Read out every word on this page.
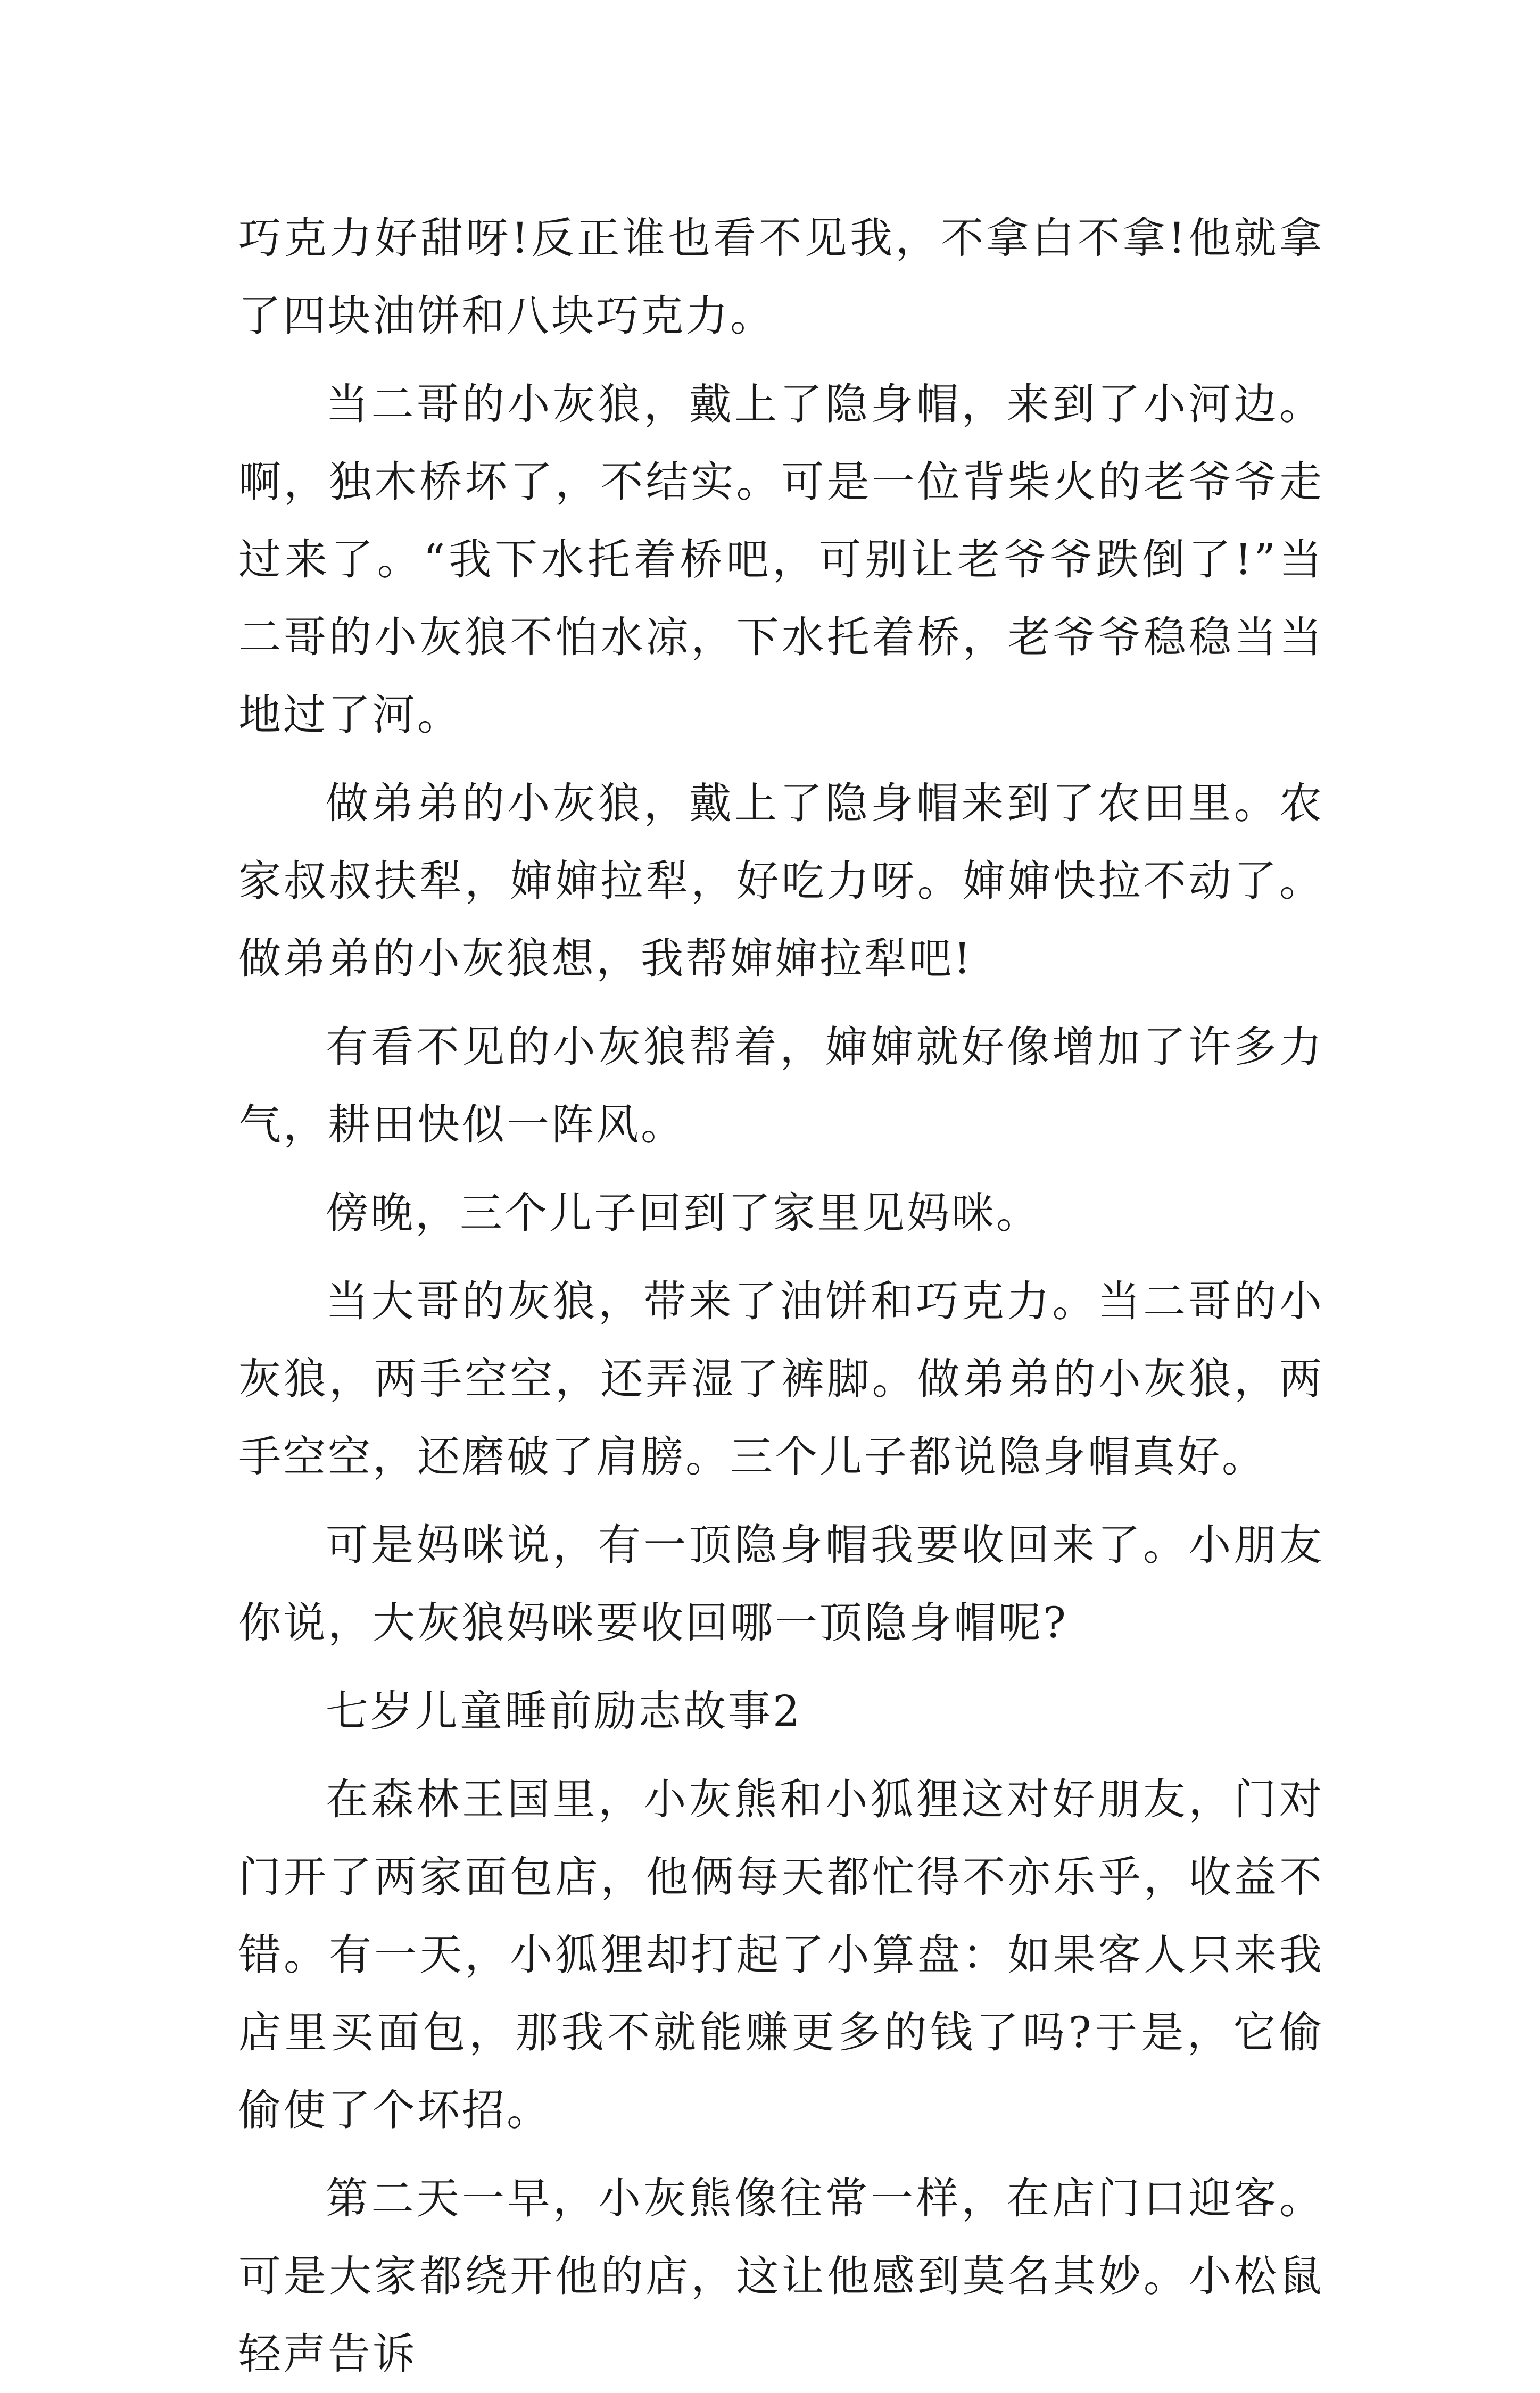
巧克力好甜呀!反正谁也看不见我，不拿白不拿!他就拿了四块油饼和八块巧克力。

当二哥的小灰狼，戴上了隐身帽，来到了小河边。啊，独木桥坏了，不结实。可是一位背柴火的老爷爷走过来了。“我下水托着桥吧，可别让老爷爷跌倒了!”当二哥的小灰狼不怕水凉，下水托着桥，老爷爷稳稳当当地过了河。

做弟弟的小灰狼，戴上了隐身帽来到了农田里。农家叔叔扶犁，婶婶拉犁，好吃力呀。婶婶快拉不动了。做弟弟的小灰狼想，我帮婶婶拉犁吧!

有看不见的小灰狼帮着，婶婶就好像增加了许多力气，耕田快似一阵风。

傍晚，三个儿子回到了家里见妈咪。

当大哥的灰狼，带来了油饼和巧克力。当二哥的小灰狼，两手空空，还弄湿了裤脚。做弟弟的小灰狼，两手空空，还磨破了肩膀。三个儿子都说隐身帽真好。

可是妈咪说，有一顶隐身帽我要收回来了。小朋友你说，大灰狼妈咪要收回哪一顶隐身帽呢?

七岁儿童睡前励志故事2

在森林王国里，小灰熊和小狐狸这对好朋友，门对门开了两家面包店，他俩每天都忙得不亦乐乎，收益不错。有一天，小狐狸却打起了小算盘：如果客人只来我店里买面包，那我不就能赚更多的钱了吗?于是，它偷偷使了个坏招。

第二天一早，小灰熊像往常一样，在店门口迎客。可是大家都绕开他的店，这让他感到莫名其妙。小松鼠轻声告诉
